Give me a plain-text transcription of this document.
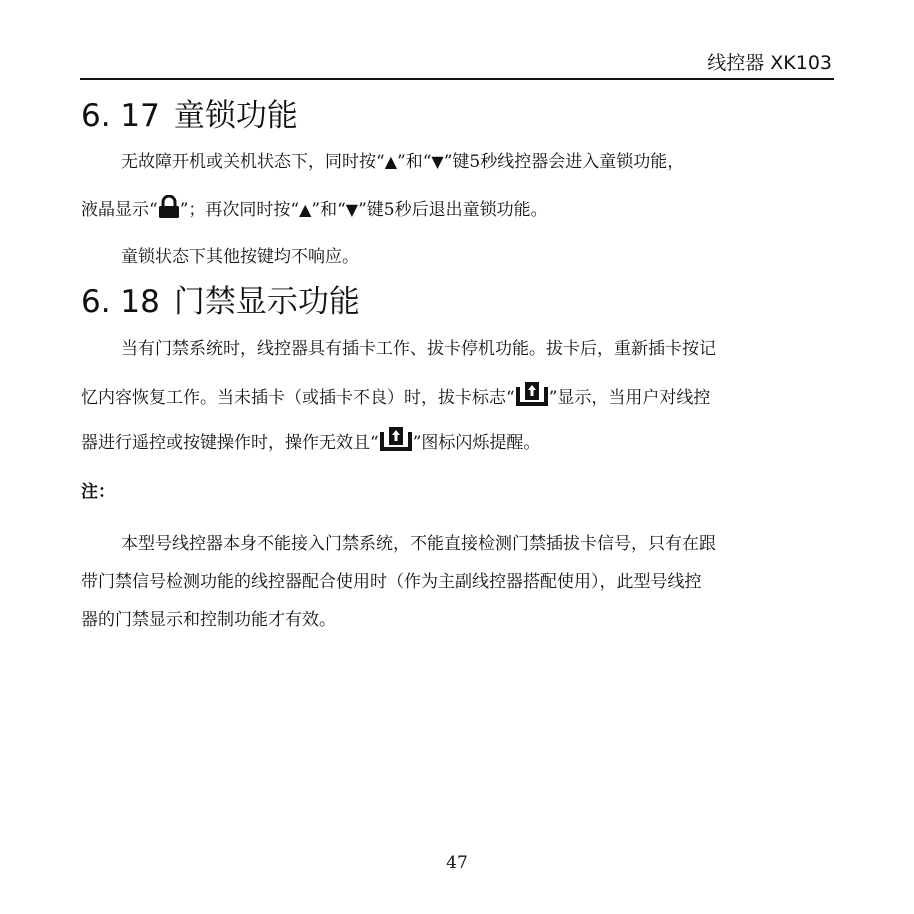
线控器 XK103
6. 17 童锁功能

无故障开机或关机状态下，同时按“▲”和“▼”键5秒线控器会进入童锁功能，

液晶显示“ ”；再次同时按“▲”和“▼”键5秒后退出童锁功能。

童锁状态下其他按键均不响应。

6. 18 门禁显示功能

当有门禁系统时，线控器具有插卡工作、拔卡停机功能。拔卡后，重新插卡按记

忆内容恢复工作。当未插卡（或插卡不良）时，拔卡标志“ ”显示，当用户对线控

器进行遥控或按键操作时，操作无效且“ ”图标闪烁提醒。

注：

本型号线控器本身不能接入门禁系统，不能直接检测门禁插拔卡信号，只有在跟

带门禁信号检测功能的线控器配合使用时（作为主副线控器搭配使用），此型号线控

器的门禁显示和控制功能才有效。

47
